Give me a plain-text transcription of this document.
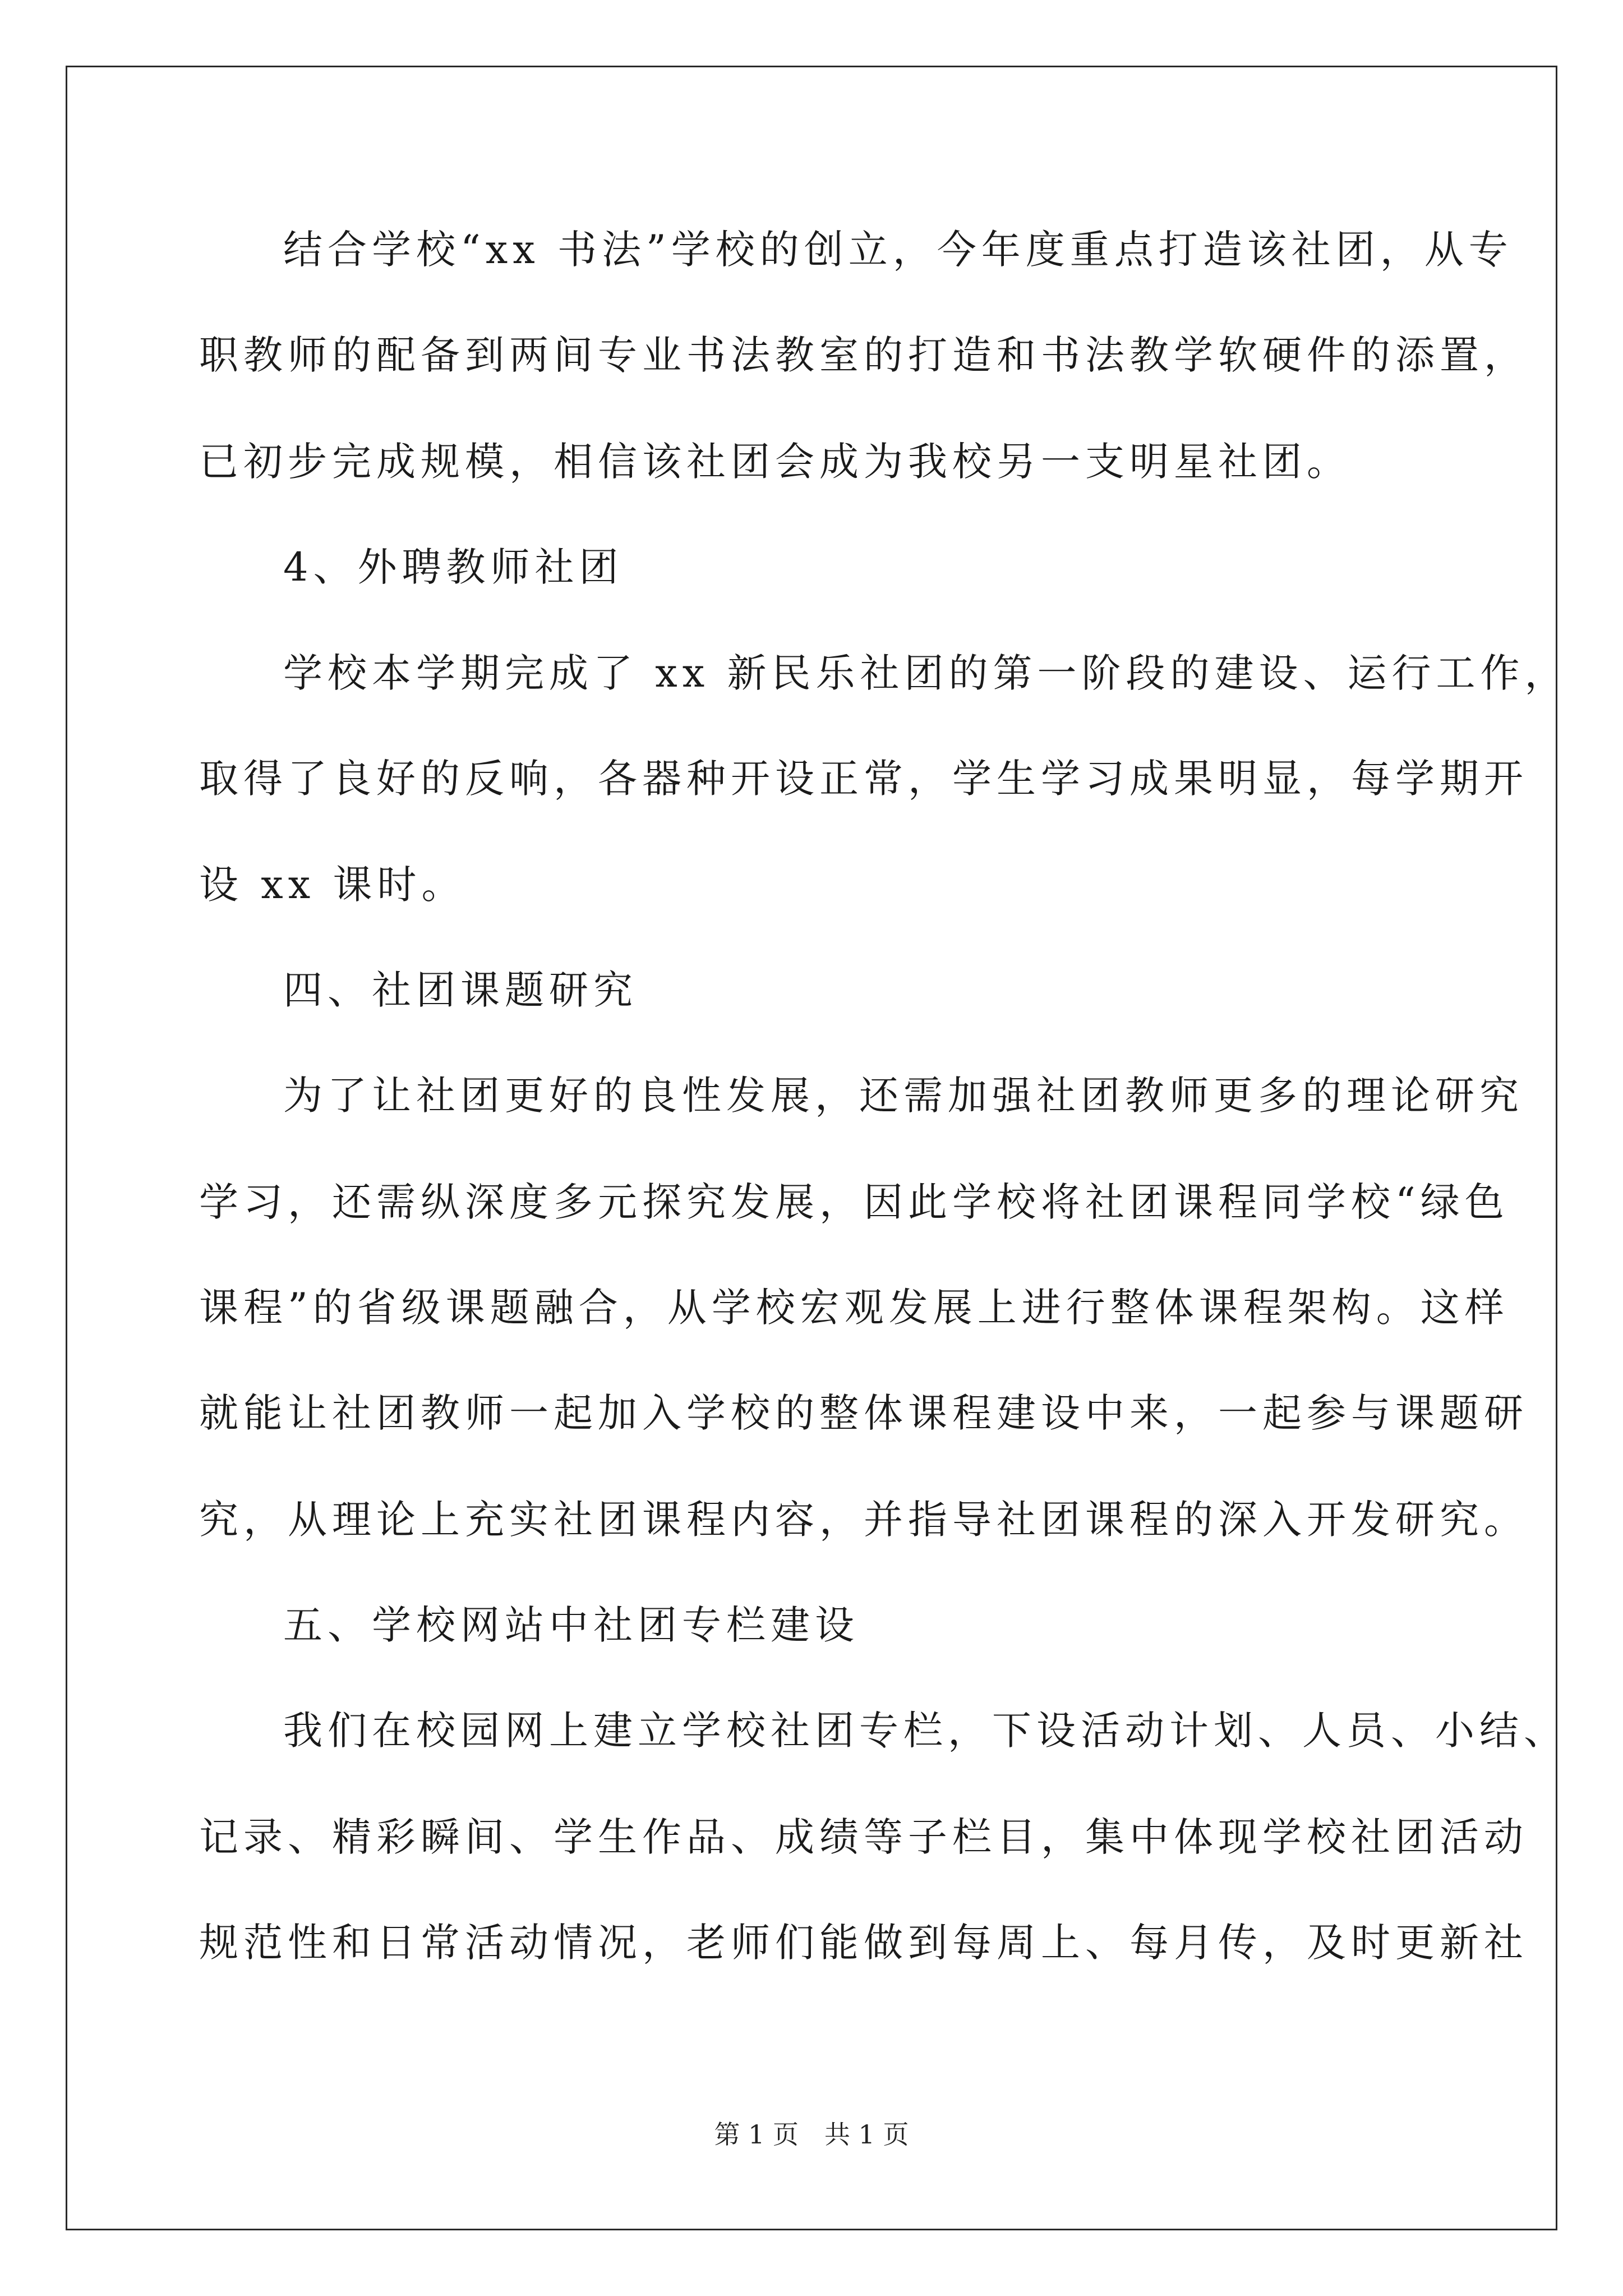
结合学校“xx 书法”学校的创立，今年度重点打造该社团，从专
职教师的配备到两间专业书法教室的打造和书法教学软硬件的添置，
已初步完成规模，相信该社团会成为我校另一支明星社团。
4、外聘教师社团
学校本学期完成了 xx 新民乐社团的第一阶段的建设、运行工作，
取得了良好的反响，各器种开设正常，学生学习成果明显，每学期开
设 xx 课时。
四、社团课题研究
为了让社团更好的良性发展，还需加强社团教师更多的理论研究
学习，还需纵深度多元探究发展，因此学校将社团课程同学校“绿色
课程”的省级课题融合，从学校宏观发展上进行整体课程架构。这样
就能让社团教师一起加入学校的整体课程建设中来，一起参与课题研
究，从理论上充实社团课程内容，并指导社团课程的深入开发研究。
五、学校网站中社团专栏建设
我们在校园网上建立学校社团专栏，下设活动计划、人员、小结、
记录、精彩瞬间、学生作品、成绩等子栏目，集中体现学校社团活动
规范性和日常活动情况，老师们能做到每周上、每月传，及时更新社
第 1 页　共 1 页
